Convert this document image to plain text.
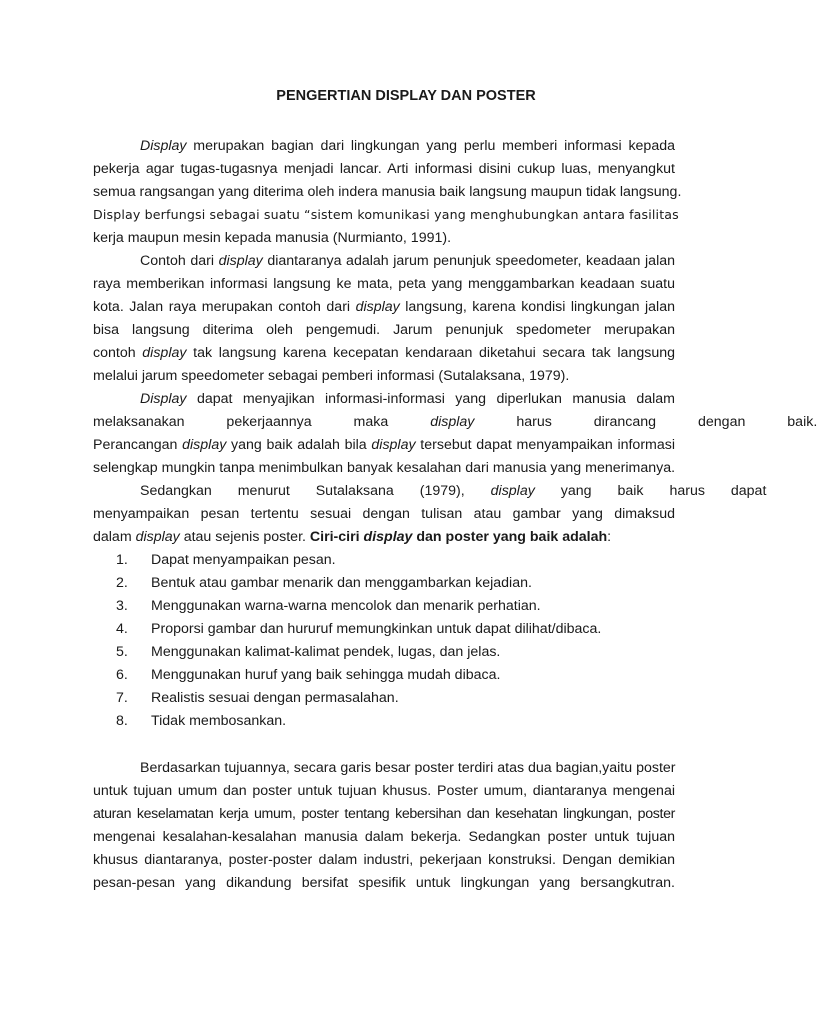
PENGERTIAN DISPLAY DAN POSTER
Display merupakan bagian dari lingkungan yang perlu memberi informasi kepada
pekerja agar tugas-tugasnya menjadi lancar. Arti informasi disini cukup luas, menyangkut
semua rangsangan yang diterima oleh indera manusia baik langsung maupun tidak langsung.
Display berfungsi sebagai suatu “sistem komunikasi yang menghubungkan antara fasilitas
kerja maupun mesin kepada manusia (Nurmianto, 1991).
Contoh dari display diantaranya adalah jarum penunjuk speedometer, keadaan jalan
raya memberikan informasi langsung ke mata, peta yang menggambarkan keadaan suatu
kota. Jalan raya merupakan contoh dari display langsung, karena kondisi lingkungan jalan
bisa langsung diterima oleh pengemudi. Jarum penunjuk spedometer merupakan
contoh display tak langsung karena kecepatan kendaraan diketahui secara tak langsung
melalui jarum speedometer sebagai pemberi informasi (Sutalaksana, 1979).
Display dapat menyajikan informasi-informasi yang diperlukan manusia dalam
melaksanakan pekerjaannya maka display harus dirancang dengan baik.
Perancangan display yang baik adalah bila display tersebut dapat menyampaikan informasi
selengkap mungkin tanpa menimbulkan banyak kesalahan dari manusia yang menerimanya.
Sedangkan menurut Sutalaksana (1979), display yang baik harus dapat
menyampaikan pesan tertentu sesuai dengan tulisan atau gambar yang dimaksud
dalam display atau sejenis poster. Ciri-ciri display dan poster yang baik adalah:
1. Dapat menyampaikan pesan.
2. Bentuk atau gambar menarik dan menggambarkan kejadian.
3. Menggunakan warna-warna mencolok dan menarik perhatian.
4. Proporsi gambar dan hururuf memungkinkan untuk dapat dilihat/dibaca.
5. Menggunakan kalimat-kalimat pendek, lugas, dan jelas.
6. Menggunakan huruf yang baik sehingga mudah dibaca.
7. Realistis sesuai dengan permasalahan.
8. Tidak membosankan.
Berdasarkan tujuannya, secara garis besar poster terdiri atas dua bagian,yaitu poster
untuk tujuan umum dan poster untuk tujuan khusus. Poster umum, diantaranya mengenai
aturan keselamatan kerja umum, poster tentang kebersihan dan kesehatan lingkungan, poster
mengenai kesalahan-kesalahan manusia dalam bekerja. Sedangkan poster untuk tujuan
khusus diantaranya, poster-poster dalam industri, pekerjaan konstruksi. Dengan demikian
pesan-pesan yang dikandung bersifat spesifik untuk lingkungan yang bersangkutran.
